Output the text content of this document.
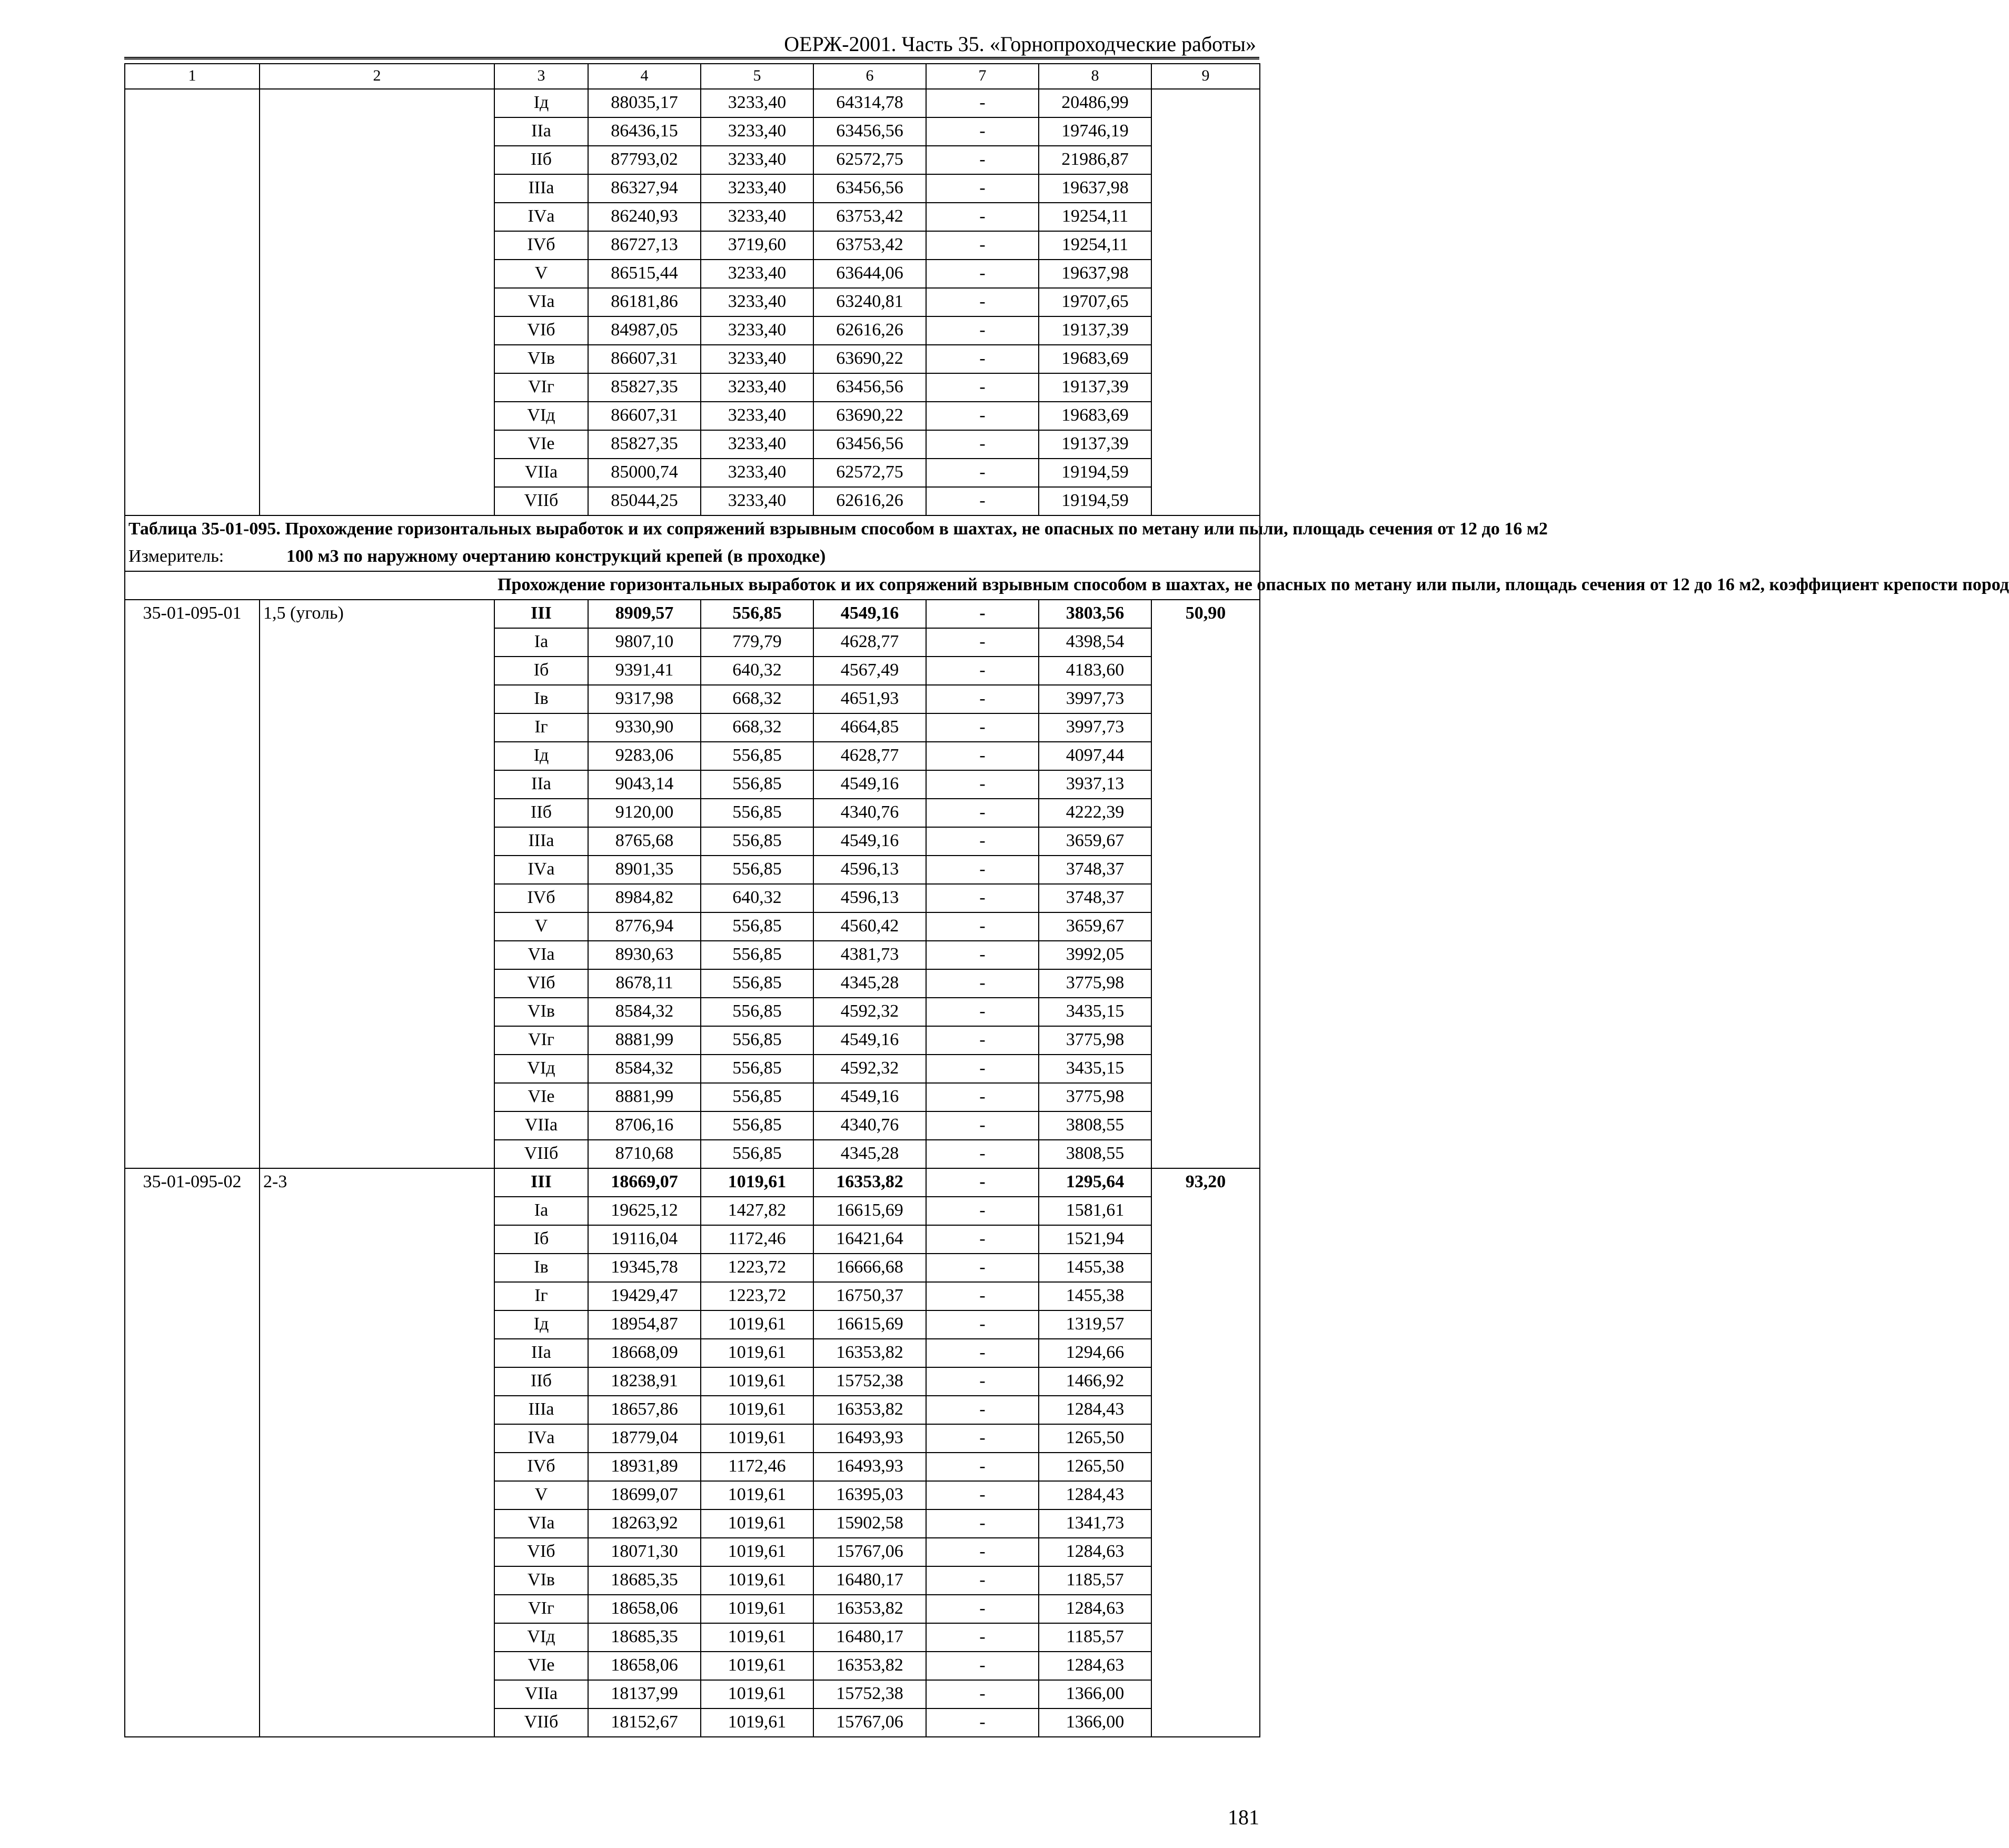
ОЕРЖ-2001. Часть 35. «Горнопроходческие работы»
1	2	3	4	5	6	7	8	9
		Iд	88035,17	3233,40	64314,78	-	20486,99	
		IIа	86436,15	3233,40	63456,56	-	19746,19	
		IIб	87793,02	3233,40	62572,75	-	21986,87	
		IIIа	86327,94	3233,40	63456,56	-	19637,98	
		IVа	86240,93	3233,40	63753,42	-	19254,11	
		IVб	86727,13	3719,60	63753,42	-	19254,11	
		V	86515,44	3233,40	63644,06	-	19637,98	
		VIа	86181,86	3233,40	63240,81	-	19707,65	
		VIб	84987,05	3233,40	62616,26	-	19137,39	
		VIв	86607,31	3233,40	63690,22	-	19683,69	
		VIг	85827,35	3233,40	63456,56	-	19137,39	
		VIд	86607,31	3233,40	63690,22	-	19683,69	
		VIе	85827,35	3233,40	63456,56	-	19137,39	
		VIIа	85000,74	3233,40	62572,75	-	19194,59	
		VIIб	85044,25	3233,40	62616,26	-	19194,59	
Таблица 35-01-095. Прохождение горизонтальных выработок и их сопряжений взрывным способом в шахтах, не опасных по метану или пыли, площадь сечения от 12 до 16 м2								
Измеритель: 100 м3 по наружному очертанию конструкций крепей (в проходке)								
		Прохождение горизонтальных выработок и их сопряжений взрывным способом в шахтах, не опасных по метану или пыли, площадь сечения от 12 до 16 м2, коэффициент крепости пород						
35-01-095-01	1,5 (уголь)	III	8909,57	556,85	4549,16	-	3803,56	50,90
		Iа	9807,10	779,79	4628,77	-	4398,54	
		Iб	9391,41	640,32	4567,49	-	4183,60	
		Iв	9317,98	668,32	4651,93	-	3997,73	
		Iг	9330,90	668,32	4664,85	-	3997,73	
		Iд	9283,06	556,85	4628,77	-	4097,44	
		IIа	9043,14	556,85	4549,16	-	3937,13	
		IIб	9120,00	556,85	4340,76	-	4222,39	
		IIIа	8765,68	556,85	4549,16	-	3659,67	
		IVа	8901,35	556,85	4596,13	-	3748,37	
		IVб	8984,82	640,32	4596,13	-	3748,37	
		V	8776,94	556,85	4560,42	-	3659,67	
		VIа	8930,63	556,85	4381,73	-	3992,05	
		VIб	8678,11	556,85	4345,28	-	3775,98	
		VIв	8584,32	556,85	4592,32	-	3435,15	
		VIг	8881,99	556,85	4549,16	-	3775,98	
		VIд	8584,32	556,85	4592,32	-	3435,15	
		VIе	8881,99	556,85	4549,16	-	3775,98	
		VIIа	8706,16	556,85	4340,76	-	3808,55	
		VIIб	8710,68	556,85	4345,28	-	3808,55	
35-01-095-02	2-3	III	18669,07	1019,61	16353,82	-	1295,64	93,20
		Iа	19625,12	1427,82	16615,69	-	1581,61	
		Iб	19116,04	1172,46	16421,64	-	1521,94	
		Iв	19345,78	1223,72	16666,68	-	1455,38	
		Iг	19429,47	1223,72	16750,37	-	1455,38	
		Iд	18954,87	1019,61	16615,69	-	1319,57	
		IIа	18668,09	1019,61	16353,82	-	1294,66	
		IIб	18238,91	1019,61	15752,38	-	1466,92	
		IIIа	18657,86	1019,61	16353,82	-	1284,43	
		IVа	18779,04	1019,61	16493,93	-	1265,50	
		IVб	18931,89	1172,46	16493,93	-	1265,50	
		V	18699,07	1019,61	16395,03	-	1284,43	
		VIа	18263,92	1019,61	15902,58	-	1341,73	
		VIб	18071,30	1019,61	15767,06	-	1284,63	
		VIв	18685,35	1019,61	16480,17	-	1185,57	
		VIг	18658,06	1019,61	16353,82	-	1284,63	
		VIд	18685,35	1019,61	16480,17	-	1185,57	
		VIе	18658,06	1019,61	16353,82	-	1284,63	
		VIIа	18137,99	1019,61	15752,38	-	1366,00	
		VIIб	18152,67	1019,61	15767,06	-	1366,00	
181
